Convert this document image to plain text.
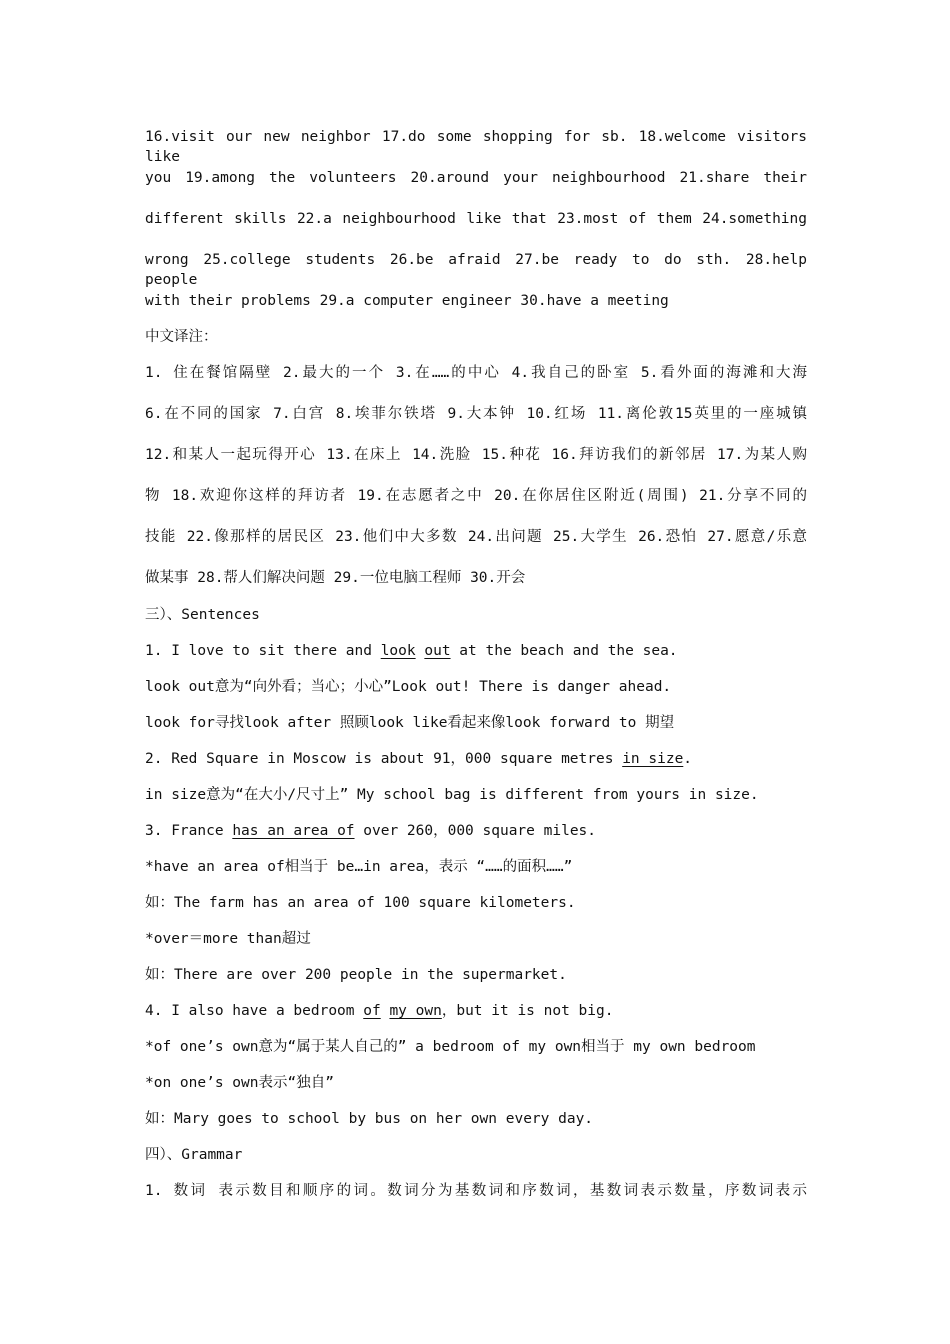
16.visit our new neighbor 17.do some shopping for sb. 18.welcome visitors like
you 19.among the volunteers 20.around your neighbourhood 21.share their
different skills 22.a neighbourhood like that 23.most of them 24.something
wrong 25.college students 26.be afraid 27.be ready to do sth. 28.help people
with their problems 29.a computer engineer 30.have a meeting
中文译注：
1. 住在餐馆隔壁 2.最大的一个 3.在……的中心 4.我自己的卧室 5.看外面的海滩和大海
6.在不同的国家 7.白宫 8.埃菲尔铁塔 9.大本钟 10.红场 11.离伦敦15英里的一座城镇
12.和某人一起玩得开心 13.在床上 14.洗脸 15.种花 16.拜访我们的新邻居 17.为某人购
物 18.欢迎你这样的拜访者 19.在志愿者之中 20.在你居住区附近(周围) 21.分享不同的
技能 22.像那样的居民区 23.他们中大多数 24.出问题 25.大学生 26.恐怕 27.愿意/乐意
做某事 28.帮人们解决问题 29.一位电脑工程师 30.开会
三）、Sentences
1. I love to sit there and look out at the beach and the sea.
look out意为“向外看；当心；小心”Look out! There is danger ahead.
look for寻找look after 照顾look like看起来像look forward to 期望
2. Red Square in Moscow is about 91，000 square metres in size.
in size意为“在大小/尺寸上” My school bag is different from yours in size.
3. France has an area of over 260，000 square miles.
*have an area of相当于 be…in area，表示 “……的面积……”
如：The farm has an area of 100 square kilometers.
*over＝more than超过
如：There are over 200 people in the supermarket.
4. I also have a bedroom of my own，but it is not big.
*of one’s own意为“属于某人自己的” a bedroom of my own相当于 my own bedroom
*on one’s own表示“独自”
如：Mary goes to school by bus on her own every day.
四）、Grammar
1. 数词 表示数目和顺序的词。数词分为基数词和序数词，基数词表示数量，序数词表示
